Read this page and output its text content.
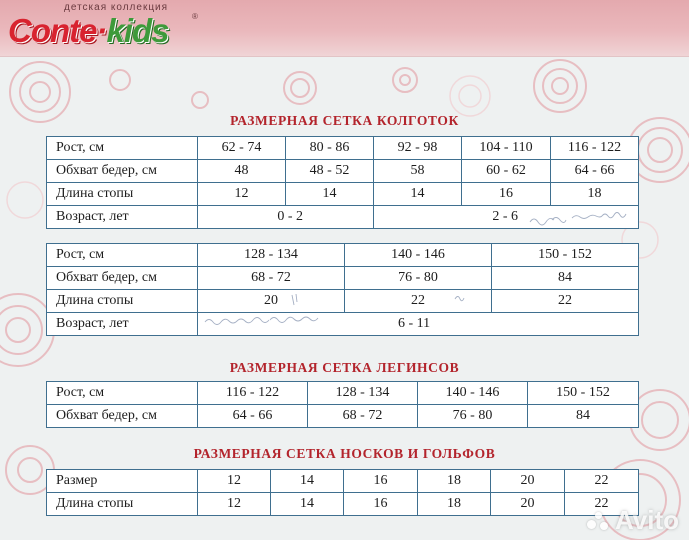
детская коллекция
Conte·kids	®
РАЗМЕРНАЯ СЕТКА КОЛГОТОК
Рост, см	62 - 74	80 - 86	92 - 98	104 - 110	116 - 122
Обхват бедер, см	48	48 - 52	58	60 - 62	64 - 66
Длина стопы	12	14	14	16	18
Возраст, лет	0 - 2		2 - 6		
Рост, см	128 - 134	140 - 146	150 - 152
Обхват бедер, см	68 - 72	76 - 80	84
Длина стопы	20	22	22
Возраст, лет	6 - 11		
РАЗМЕРНАЯ СЕТКА ЛЕГИНСОВ
Рост, см	116 - 122	128 - 134	140 - 146	150 - 152
Обхват бедер, см	64 - 66	68 - 72	76 - 80	84
РАЗМЕРНАЯ СЕТКА НОСКОВ И ГОЛЬФОВ
Размер	12	14	16	18	20	22
Длина стопы	12	14	16	18	20	22
Avito
